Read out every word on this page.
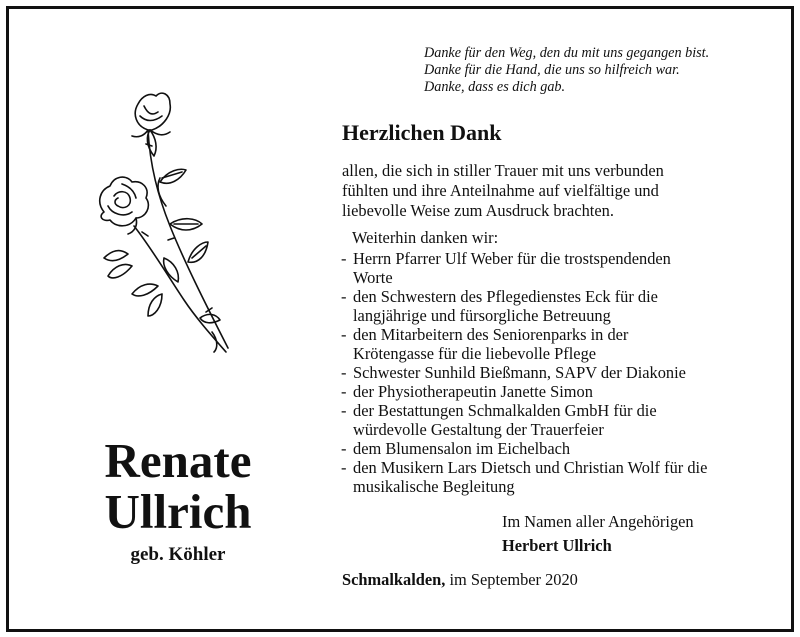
Danke für den Weg, den du mit uns gegangen bist.
Danke für die Hand, die uns so hilfreich war.
Danke, dass es dich gab.
Renate
Ullrich
geb. Köhler
Herzlichen Dank
allen, die sich in stiller Trauer mit uns verbunden
fühlten und ihre Anteilnahme auf vielfältige und
liebevolle Weise zum Ausdruck brachten.
Weiterhin danken wir:
- Herrn Pfarrer Ulf Weber für die trostspendenden
Worte
- den Schwestern des Pflegedienstes Eck für die
langjährige und fürsorgliche Betreuung
- den Mitarbeitern des Seniorenparks in der
Krötengasse für die liebevolle Pflege
- Schwester Sunhild Bießmann, SAPV der Diakonie
- der Physiotherapeutin Janette Simon
- der Bestattungen Schmalkalden GmbH für die
würdevolle Gestaltung der Trauerfeier
- dem Blumensalon im Eichelbach
- den Musikern Lars Dietsch und Christian Wolf für die
musikalische Begleitung
Im Namen aller Angehörigen
Herbert Ullrich
Schmalkalden, im September 2020
